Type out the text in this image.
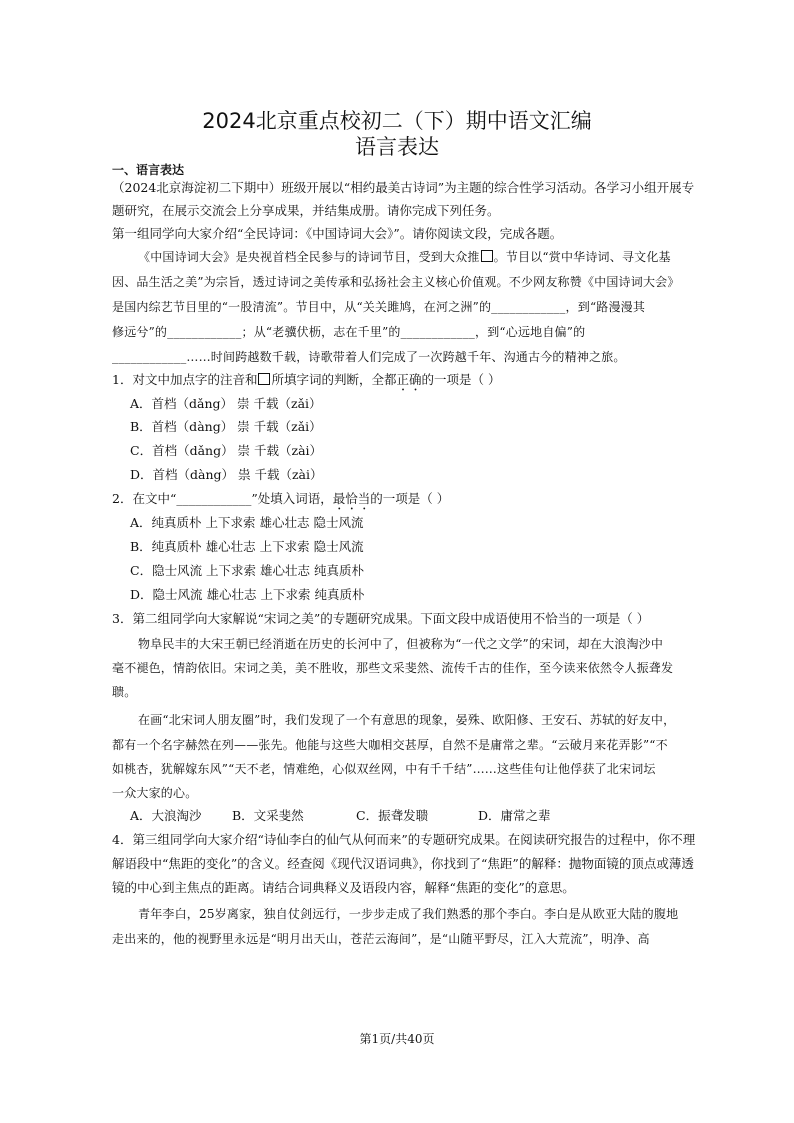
2024北京重点校初二（下）期中语文汇编
语言表达
一、语言表达
（2024北京海淀初二下期中）班级开展以“相约最美古诗词”为主题的综合性学习活动。各学习小组开展专
题研究，在展示交流会上分享成果，并结集成册。请你完成下列任务。
第一组同学向大家介绍“全民诗词：《中国诗词大会》”。请你阅读文段，完成各题。
《中国诗词大会》是央视首档全民参与的诗词节目，受到大众推 。节目以“赏中华诗词、寻文化基
因、品生活之美”为宗旨，透过诗词之美传承和弘扬社会主义核心价值观。不少网友称赞《中国诗词大会》
是国内综艺节目里的“一股清流”。节目中，从“关关雎鸠，在河之洲”的____________，到“路漫漫其
修远兮”的____________；从“老骥伏枥，志在千里”的____________，到“心远地自偏”的
____________……时间跨越数千载，诗歌带着人们完成了一次跨越千年、沟通古今的精神之旅。
1．对文中加点字的注音和 所填字词的判断，全都正确的一项是（ ）
A．首档（dǎng） 崇 千载（zǎi）
B．首档（dàng） 崇 千载（zǎi）
C．首档（dǎng） 崇 千载（zài）
D．首档（dàng） 祟 千载（zài）
2．在文中“____________”处填入词语，最恰当的一项是（ ）
A．纯真质朴 上下求索 雄心壮志 隐士风流
B．纯真质朴 雄心壮志 上下求索 隐士风流
C．隐士风流 上下求索 雄心壮志 纯真质朴
D．隐士风流 雄心壮志 上下求索 纯真质朴
3．第二组同学向大家解说“宋词之美”的专题研究成果。下面文段中成语使用不恰当的一项是（ ）
物阜民丰的大宋王朝已经消逝在历史的长河中了，但被称为“一代之文学”的宋词，却在大浪淘沙中
毫不褪色，情韵依旧。宋词之美，美不胜收，那些文采斐然、流传千古的佳作，至今读来依然令人振聋发
聩。
在画“北宋词人朋友圈”时，我们发现了一个有意思的现象，晏殊、欧阳修、王安石、苏轼的好友中，
都有一个名字赫然在列——张先。他能与这些大咖相交甚厚，自然不是庸常之辈。“云破月来花弄影”“不
如桃杏，犹解嫁东风”“天不老，情难绝，心似双丝网，中有千千结”……这些佳句让他俘获了北宋词坛
一众大家的心。
A．大浪淘沙 B．文采斐然	C．振聋发聩	D．庸常之辈
4．第三组同学向大家介绍“诗仙李白的仙气从何而来”的专题研究成果。在阅读研究报告的过程中，你不理
解语段中“焦距的变化”的含义。经查阅《现代汉语词典》，你找到了“焦距”的解释：抛物面镜的顶点或薄透
镜的中心到主焦点的距离。请结合词典释义及语段内容，解释“焦距的变化”的意思。
青年李白，25岁离家，独自仗剑远行，一步步走成了我们熟悉的那个李白。李白是从欧亚大陆的腹地
走出来的，他的视野里永远是“明月出天山，苍茫云海间”，是“山随平野尽，江入大荒流”，明净、高
第1页/共40页
